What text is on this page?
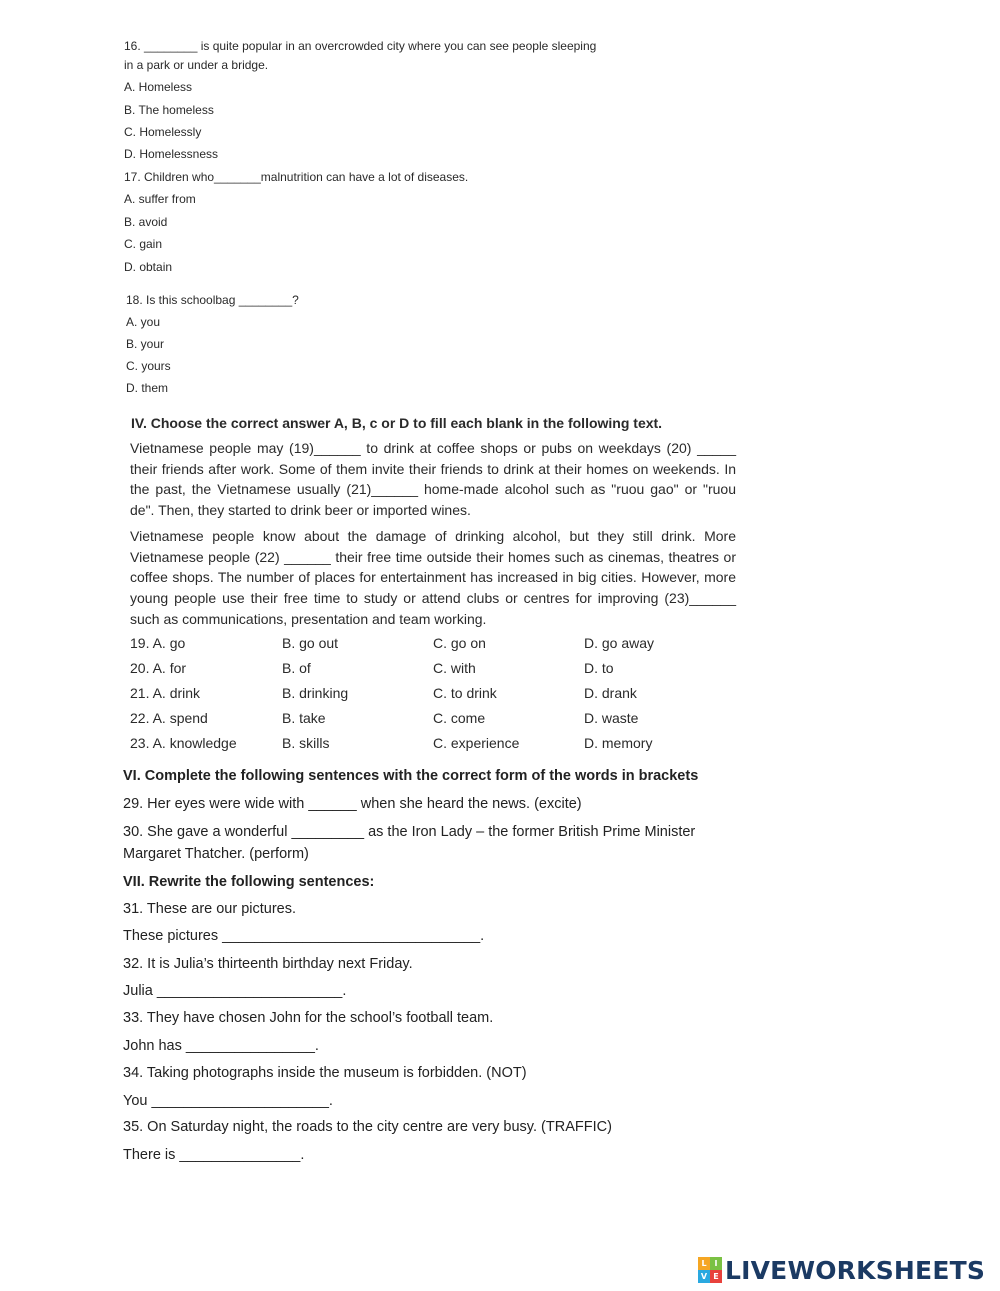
16. ________ is quite popular in an overcrowded city where you can see people sleeping
in a park or under a bridge.
A. Homeless
B. The homeless
C. Homelessly
D. Homelessness
17. Children who_______malnutrition can have a lot of diseases.
A. suffer from
B. avoid
C. gain
D. obtain
18. Is this schoolbag ________?
A. you
B. your
C. yours
D. them
IV. Choose the correct answer A, B, c or D to fill each blank in the following text.
Vietnamese people may (19)______ to drink at coffee shops or pubs on weekdays (20) _____ their friends after work. Some of them invite their friends to drink at their homes on weekends. In the past, the Vietnamese usually (21)______ home-made alcohol such as "ruou gao" or "ruou de". Then, they started to drink beer or imported wines.
Vietnamese people know about the damage of drinking alcohol, but they still drink. More Vietnamese people (22) ______ their free time outside their homes such as cinemas, theatres or coffee shops. The number of places for entertainment has increased in big cities. However, more young people use their free time to study or attend clubs or centres for improving (23)______ such as communications, presentation and team working.
19. A. go	B. go out	C. go on	D. go away
20. A. for	B. of	C. with	D. to
21. A. drink	B. drinking	C. to drink	D. drank
22. A. spend	B. take	C. come	D. waste
23. A. knowledge	B. skills	C. experience	D. memory
VI. Complete the following sentences with the correct form of the words in brackets
29. Her eyes were wide with ______ when she heard the news. (excite)
30. She gave a wonderful _________ as the Iron Lady – the former British Prime Minister
Margaret Thatcher. (perform)
VII. Rewrite the following sentences:
31. These are our pictures.
These pictures ________________________________.
32. It is Julia’s thirteenth birthday next Friday.
Julia _______________________.
33. They have chosen John for the school’s football team.
John has ________________.
34. Taking photographs inside the museum is forbidden. (NOT)
You ______________________.
35. On Saturday night, the roads to the city centre are very busy. (TRAFFIC)
There is _______________.
L I
V E LIVEWORKSHEETS
